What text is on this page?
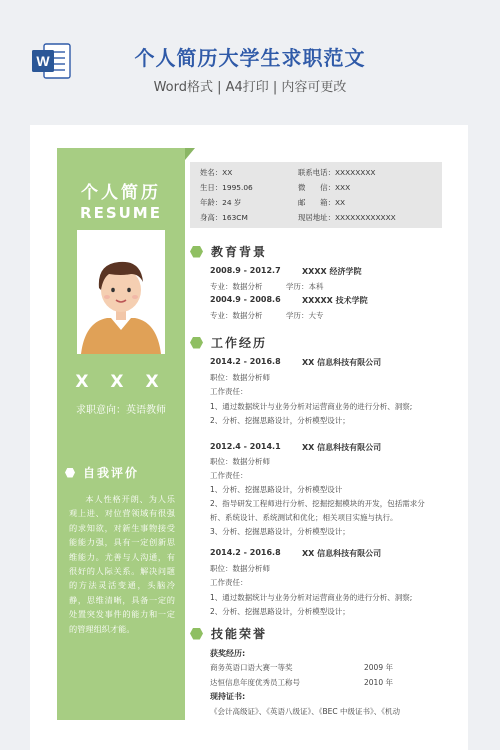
W	个人简历大学生求职范文
Word格式 | A4打印 | 内容可更改
个人简历
RESUME
X X X
求职意向：英语教师
自我评价
本人性格开朗、为人乐观上进、对位营领域有很强的求知欲，对新生事物接受能能力强，具有一定创新思维能力。尤善与人沟通，有很好的人际关系。解决问题的方法灵活变通，头脑冷静，思维清晰，具备一定的处置突发事件的能力和一定的管理组织才能。
姓名：XX	联系电话：XXXXXXXX
生日：1995.06	微　　信：XXX
年龄：24 岁	邮　　箱：XX
身高：163CM	现居地址：XXXXXXXXXXXX
教育背景
2008.9 - 2012.7	XXXX 经济学院
专业：数据分析	学历：本科
2004.9 - 2008.6	XXXXX 技术学院
专业：数据分析	学历：大专
工作经历
2014.2 - 2016.8	XX 信息科技有限公司
职位：数据分析师
工作责任：
1、通过数据统计与业务分析对运营商业务的进行分析、洞察;
2、分析、挖掘思路设计，分析模型设计；
2012.4 - 2014.1	XX 信息科技有限公司
职位：数据分析师
工作责任：
1、分析、挖掘思路设计，分析模型设计
2、指导研发工程师进行分析、挖掘挖掘模块的开发，包括需求分
析、系统设计、系统测试和优化；相关项目实施与执行。
3、分析、挖掘思路设计，分析模型设计；
2014.2 - 2016.8	XX 信息科技有限公司
职位：数据分析师
工作责任：
1、通过数据统计与业务分析对运营商业务的进行分析、洞察;
2、分析、挖掘思路设计，分析模型设计；
技能荣誉
获奖经历:
商务英语口语大赛一等奖	2009 年
达恒信息年度优秀员工称号	2010 年
现持证书:
《会计高级证》、《英语八级证》、《BEC 中级证书》、《机动
